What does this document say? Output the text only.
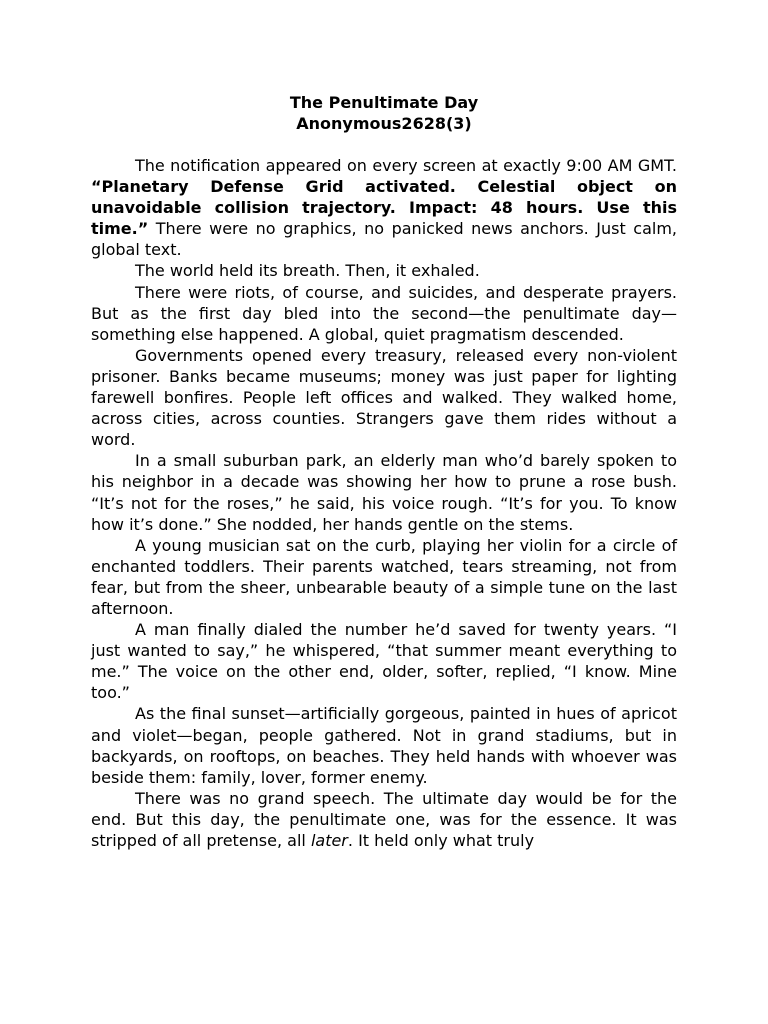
The Penultimate Day
Anonymous2628(3)

The notification appeared on every screen at exactly 9:00 AM GMT. “Planetary Defense Grid activated. Celestial object on unavoidable collision trajectory. Impact: 48 hours. Use this time.” There were no graphics, no panicked news anchors. Just calm, global text.

The world held its breath. Then, it exhaled.

There were riots, of course, and suicides, and desperate prayers. But as the first day bled into the second—the penultimate day—something else happened. A global, quiet pragmatism descended.

Governments opened every treasury, released every non-violent prisoner. Banks became museums; money was just paper for lighting farewell bonfires. People left offices and walked. They walked home, across cities, across counties. Strangers gave them rides without a word.

In a small suburban park, an elderly man who’d barely spoken to his neighbor in a decade was showing her how to prune a rose bush. “It’s not for the roses,” he said, his voice rough. “It’s for you. To know how it’s done.” She nodded, her hands gentle on the stems.

A young musician sat on the curb, playing her violin for a circle of enchanted toddlers. Their parents watched, tears streaming, not from fear, but from the sheer, unbearable beauty of a simple tune on the last afternoon.

A man finally dialed the number he’d saved for twenty years. “I just wanted to say,” he whispered, “that summer meant everything to me.” The voice on the other end, older, softer, replied, “I know. Mine too.”

As the final sunset—artificially gorgeous, painted in hues of apricot and violet—began, people gathered. Not in grand stadiums, but in backyards, on rooftops, on beaches. They held hands with whoever was beside them: family, lover, former enemy.

There was no grand speech. The ultimate day would be for the end. But this day, the penultimate one, was for the essence. It was stripped of all pretense, all later. It held only what truly
